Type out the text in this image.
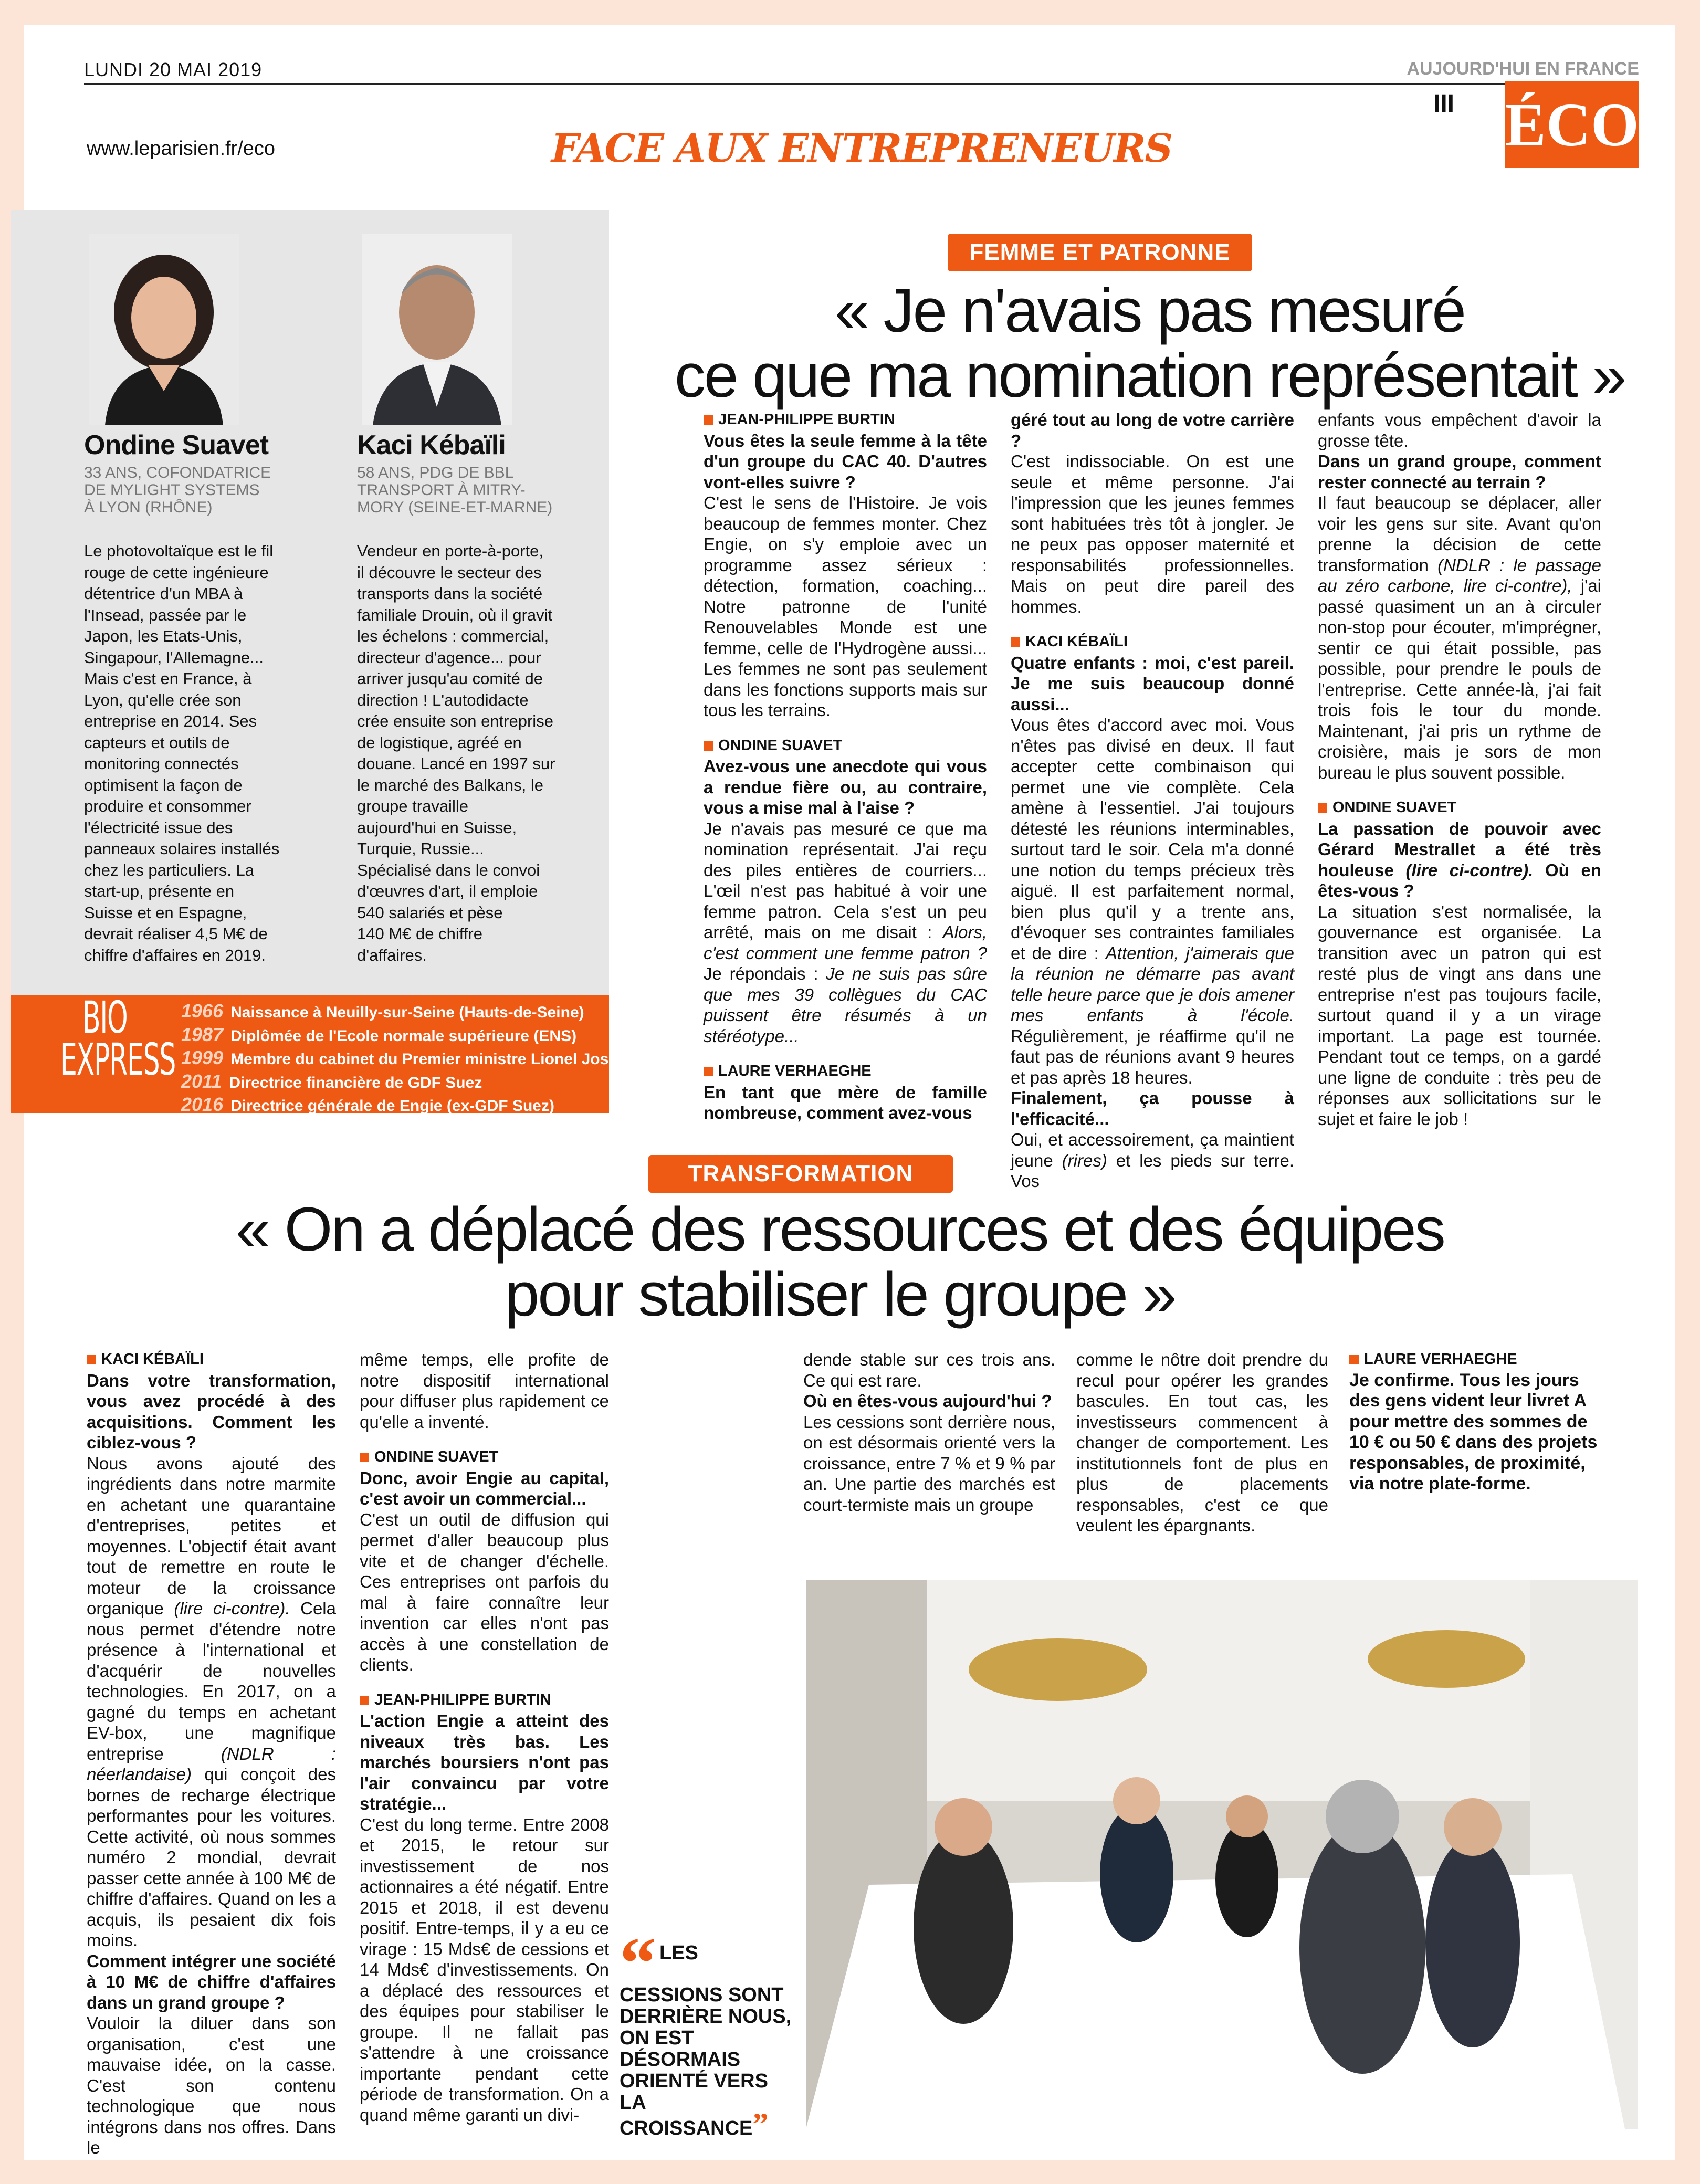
LUNDI 20 MAI 2019	AUJOURD'HUI EN FRANCE
III ÉCO
www.leparisien.fr/eco	FACE AUX ENTREPRENEURS
Ondine Suavet
33 ANS, COFONDATRICE
DE MYLIGHT SYSTEMS
À LYON (RHÔNE)
Kaci Kébaïli
58 ANS, PDG DE BBL
TRANSPORT À MITRY-
MORY (SEINE-ET-MARNE)
Le photovoltaïque est le fil
rouge de cette ingénieure
détentrice d'un MBA à
l'Insead, passée par le
Japon, les Etats-Unis,
Singapour, l'Allemagne...
Mais c'est en France, à
Lyon, qu'elle crée son
entreprise en 2014. Ses
capteurs et outils de
monitoring connectés
optimisent la façon de
produire et consommer
l'électricité issue des
panneaux solaires installés
chez les particuliers. La
start-up, présente en
Suisse et en Espagne,
devrait réaliser 4,5 M€ de
chiffre d'affaires en 2019.
Vendeur en porte-à-porte,
il découvre le secteur des
transports dans la société
familiale Drouin, où il gravit
les échelons : commercial,
directeur d'agence... pour
arriver jusqu'au comité de
direction ! L'autodidacte
crée ensuite son entreprise
de logistique, agréé en
douane. Lancé en 1997 sur
le marché des Balkans, le
groupe travaille
aujourd'hui en Suisse,
Turquie, Russie...
Spécialisé dans le convoi
d'œuvres d'art, il emploie
540 salariés et pèse
140 M€ de chiffre
d'affaires.
BIO
EXPRESS
1966 Naissance à Neuilly-sur-Seine (Hauts-de-Seine)
1987 Diplômée de l'Ecole normale supérieure (ENS)
1999 Membre du cabinet du Premier ministre Lionel Jospin
2011 Directrice financière de GDF Suez
2016 Directrice générale de Engie (ex-GDF Suez)
FEMME ET PATRONNE
« Je n'avais pas mesuré
ce que ma nomination représentait »
JEAN-PHILIPPE BURTIN

Vous êtes la seule femme à la tête d'un groupe du CAC 40. D'autres vont-elles suivre ?

C'est le sens de l'Histoire. Je vois beaucoup de femmes monter. Chez Engie, on s'y emploie avec un programme assez sérieux : détection, formation, coaching... Notre patronne de l'unité Renouvelables Monde est une femme, celle de l'Hydrogène aussi... Les femmes ne sont pas seulement dans les fonctions supports mais sur tous les terrains.

ONDINE SUAVET

Avez-vous une anecdote qui vous a rendue fière ou, au contraire, vous a mise mal à l'aise ?

Je n'avais pas mesuré ce que ma nomination représentait. J'ai reçu des piles entières de courriers... L'œil n'est pas habitué à voir une femme patron. Cela s'est un peu arrêté, mais on me disait : Alors, c'est comment une femme patron ? Je répondais : Je ne suis pas sûre que mes 39 collègues du CAC puissent être résumés à un stéréotype...

LAURE VERHAEGHE

En tant que mère de famille nombreuse, comment avez-vous

géré tout au long de votre carrière ?

C'est indissociable. On est une seule et même personne. J'ai l'impression que les jeunes femmes sont habituées très tôt à jongler. Je ne peux pas opposer maternité et responsabilités professionnelles. Mais on peut dire pareil des hommes.

KACI KÉBAÏLI

Quatre enfants : moi, c'est pareil. Je me suis beaucoup donné aussi...

Vous êtes d'accord avec moi. Vous n'êtes pas divisé en deux. Il faut accepter cette combinaison qui permet une vie complète. Cela amène à l'essentiel. J'ai toujours détesté les réunions interminables, surtout tard le soir. Cela m'a donné une notion du temps précieux très aiguë. Il est parfaitement normal, bien plus qu'il y a trente ans, d'évoquer ses contraintes familiales et de dire : Attention, j'aimerais que la réunion ne démarre pas avant telle heure parce que je dois amener mes enfants à l'école. Régulièrement, je réaffirme qu'il ne faut pas de réunions avant 9 heures et pas après 18 heures.

Finalement, ça pousse à l'efficacité...

Oui, et accessoirement, ça maintient jeune (rires) et les pieds sur terre. Vos

enfants vous empêchent d'avoir la grosse tête.

Dans un grand groupe, comment rester connecté au terrain ?

Il faut beaucoup se déplacer, aller voir les gens sur site. Avant qu'on prenne la décision de cette transformation (NDLR : le passage au zéro carbone, lire ci-contre), j'ai passé quasiment un an à circuler non-stop pour écouter, m'imprégner, sentir ce qui était possible, pas possible, pour prendre le pouls de l'entreprise. Cette année-là, j'ai fait trois fois le tour du monde. Maintenant, j'ai pris un rythme de croisière, mais je sors de mon bureau le plus souvent possible.

ONDINE SUAVET

La passation de pouvoir avec Gérard Mestrallet a été très houleuse (lire ci-contre). Où en êtes-vous ?

La situation s'est normalisée, la gouvernance est organisée. La transition avec un patron qui est resté plus de vingt ans dans une entreprise n'est pas toujours facile, surtout quand il y a un virage important. La page est tournée. Pendant tout ce temps, on a gardé une ligne de conduite : très peu de réponses aux sollicitations sur le sujet et faire le job !

TRANSFORMATION
« On a déplacé des ressources et des équipes
pour stabiliser le groupe »
KACI KÉBAÏLI

Dans votre transformation, vous avez procédé à des acquisitions. Comment les ciblez-vous ?

Nous avons ajouté des ingrédients dans notre marmite en achetant une quarantaine d'entreprises, petites et moyennes. L'objectif était avant tout de remettre en route le moteur de la croissance organique (lire ci-contre). Cela nous permet d'étendre notre présence à l'international et d'acquérir de nouvelles technologies. En 2017, on a gagné du temps en achetant EV-box, une magnifique entreprise	(NDLR : néerlandaise) qui conçoit des bornes de recharge électrique performantes pour les voitures. Cette activité, où nous sommes numéro 2 mondial, devrait passer cette année à 100 M€ de chiffre d'affaires. Quand on les a acquis, ils pesaient dix fois moins.

Comment intégrer une société à 10 M€ de chiffre d'affaires dans un grand groupe ?

Vouloir la diluer dans son organisation, c'est une mauvaise idée, on la casse. C'est son contenu technologique que nous intégrons dans nos offres. Dans le

même temps, elle profite de notre dispositif international pour diffuser plus rapidement ce qu'elle a inventé.

ONDINE SUAVET

Donc, avoir Engie au capital, c'est avoir un commercial...

C'est un outil de diffusion qui permet d'aller beaucoup plus vite et de changer d'échelle. Ces entreprises ont parfois du mal à faire connaître leur invention car elles n'ont pas accès à une constellation de clients.

JEAN-PHILIPPE BURTIN

L'action Engie a atteint des niveaux très bas. Les marchés boursiers n'ont pas l'air convaincu par votre stratégie...

C'est du long terme. Entre 2008 et 2015, le retour sur investissement de nos actionnaires a été négatif. Entre 2015 et 2018, il est devenu positif. Entre-temps, il y a eu ce virage : 15 Mds€ de cessions et 14 Mds€ d'investissements. On a déplacé des ressources et des équipes pour stabiliser le groupe. Il ne fallait pas s'attendre à une croissance importante pendant cette période de transformation. On a quand même garanti un divi-

dende stable sur ces trois ans. Ce qui est rare.

Où en êtes-vous aujourd'hui ?

Les cessions sont derrière nous, on est désormais orienté vers la croissance, entre 7 % et 9 % par an. Une partie des marchés est court-termiste mais un groupe

comme le nôtre doit prendre du recul pour opérer les grandes bascules. En tout cas, les investisseurs commencent à changer de comportement. Les institutionnels font de plus en plus de placements responsables, c'est ce que veulent les épargnants.

LAURE VERHAEGHE

Je confirme. Tous les jours des gens vident leur livret A pour mettre des sommes de 10 € ou 50 € dans des projets responsables, de proximité, via notre plate-forme.

“ LES CESSIONS SONT DERRIÈRE NOUS, ON EST DÉSORMAIS ORIENTÉ VERS LA CROISSANCE”
